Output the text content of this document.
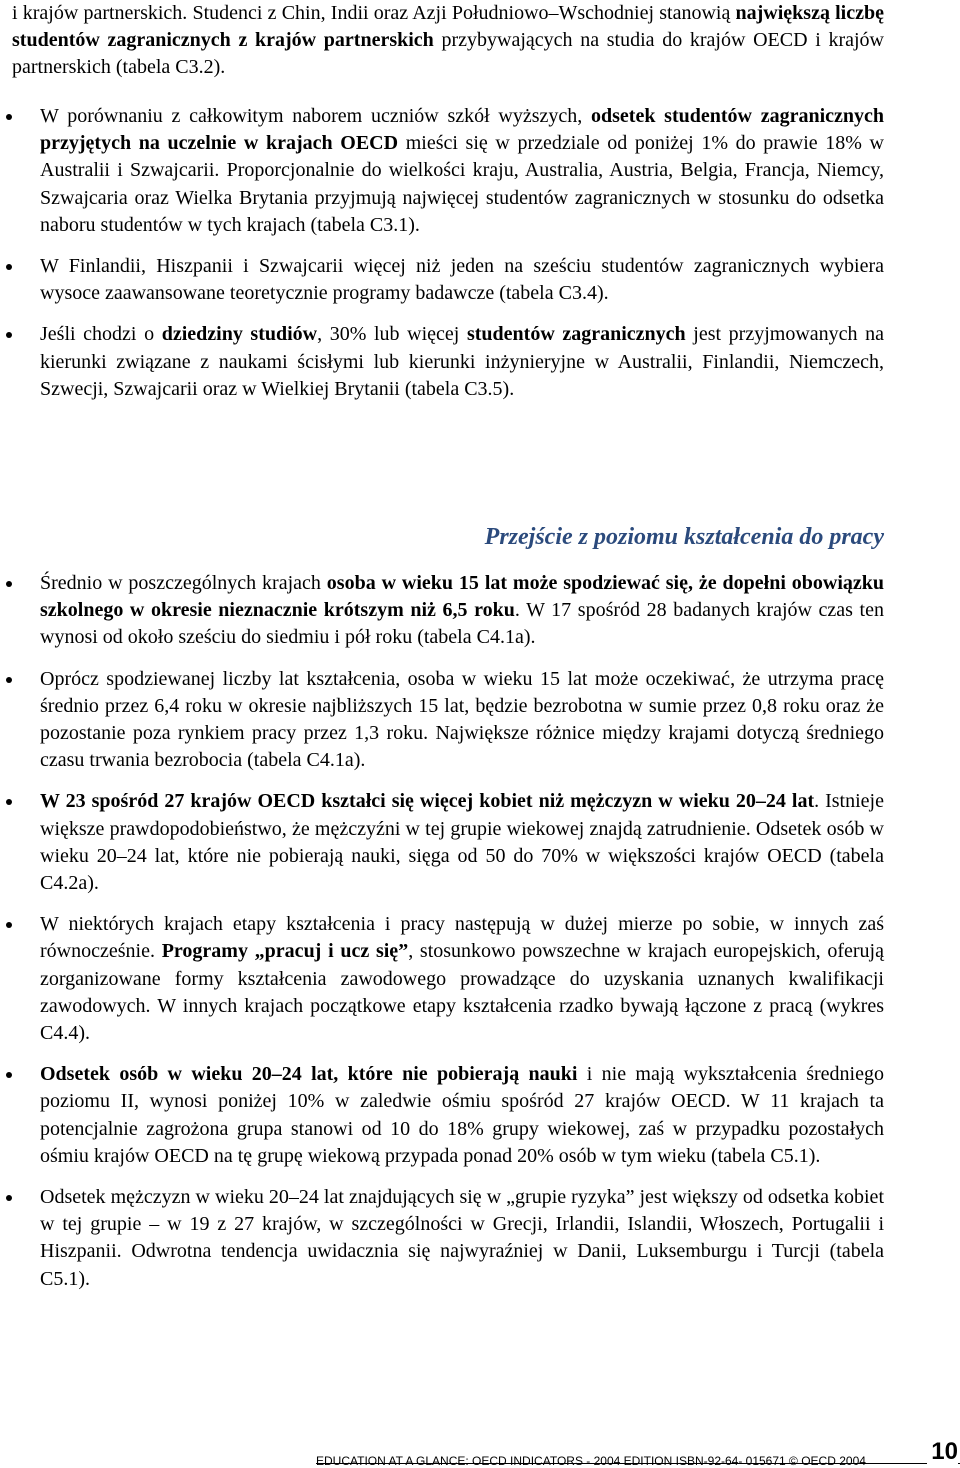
i krajów partnerskich. Studenci z Chin, Indii oraz Azji Południowo–Wschodniej stanowią największą liczbę studentów zagranicznych z krajów partnerskich przybywających na studia do krajów OECD i krajów partnerskich (tabela C3.2).

W porównaniu z całkowitym naborem uczniów szkół wyższych, odsetek studentów zagranicznych przyjętych na uczelnie w krajach OECD mieści się w przedziale od poniżej 1% do prawie 18% w Australii i Szwajcarii. Proporcjonalnie do wielkości kraju, Australia, Austria, Belgia, Francja, Niemcy, Szwajcaria oraz Wielka Brytania przyjmują najwięcej studentów zagranicznych w stosunku do odsetka naboru studentów w tych krajach (tabela C3.1).
W Finlandii, Hiszpanii i Szwajcarii więcej niż jeden na sześciu studentów zagranicznych wybiera wysoce zaawansowane teoretycznie programy badawcze (tabela C3.4).
Jeśli chodzi o dziedziny studiów, 30% lub więcej studentów zagranicznych jest przyjmowanych na kierunki związane z naukami ścisłymi lub kierunki inżynieryjne w Australii, Finlandii, Niemczech, Szwecji, Szwajcarii oraz w Wielkiej Brytanii (tabela C3.5).
Przejście z poziomu kształcenia do pracy
Średnio w poszczególnych krajach osoba w wieku 15 lat może spodziewać się, że dopełni obowiązku szkolnego w okresie nieznacznie krótszym niż 6,5 roku. W 17 spośród 28 badanych krajów czas ten wynosi od około sześciu do siedmiu i pół roku (tabela C4.1a).
Oprócz spodziewanej liczby lat kształcenia, osoba w wieku 15 lat może oczekiwać, że utrzyma pracę średnio przez 6,4 roku w okresie najbliższych 15 lat, będzie bezrobotna w sumie przez 0,8 roku oraz że pozostanie poza rynkiem pracy przez 1,3 roku. Największe różnice między krajami dotyczą średniego czasu trwania bezrobocia (tabela C4.1a).
W 23 spośród 27 krajów OECD kształci się więcej kobiet niż mężczyzn w wieku 20–24 lat. Istnieje większe prawdopodobieństwo, że mężczyźni w tej grupie wiekowej znajdą zatrudnienie. Odsetek osób w wieku 20–24 lat, które nie pobierają nauki, sięga od 50 do 70% w większości krajów OECD (tabela C4.2a).
W niektórych krajach etapy kształcenia i pracy następują w dużej mierze po sobie, w innych zaś równocześnie. Programy „pracuj i ucz się”, stosunkowo powszechne w krajach europejskich, oferują zorganizowane formy kształcenia zawodowego prowadzące do uzyskania uznanych kwalifikacji zawodowych. W innych krajach początkowe etapy kształcenia rzadko bywają łączone z pracą (wykres C4.4).
Odsetek osób w wieku 20–24 lat, które nie pobierają nauki i nie mają wykształcenia średniego poziomu II, wynosi poniżej 10% w zaledwie ośmiu spośród 27 krajów OECD. W 11 krajach ta potencjalnie zagrożona grupa stanowi od 10 do 18% grupy wiekowej, zaś w przypadku pozostałych ośmiu krajów OECD na tę grupę wiekową przypada ponad 20% osób w tym wieku (tabela C5.1).
Odsetek mężczyzn w wieku 20–24 lat znajdujących się w „grupie ryzyka” jest większy od odsetka kobiet w tej grupie – w 19 z 27 krajów, w szczególności w Grecji, Irlandii, Islandii, Włoszech, Portugalii i Hiszpanii. Odwrotna tendencja uwidacznia się najwyraźniej w Danii, Luksemburgu i Turcji (tabela C5.1).
EDUCATION AT A GLANCE: OECD INDICATORS - 2004 EDITION ISBN-92-64- 015671 © OECD 2004	10
